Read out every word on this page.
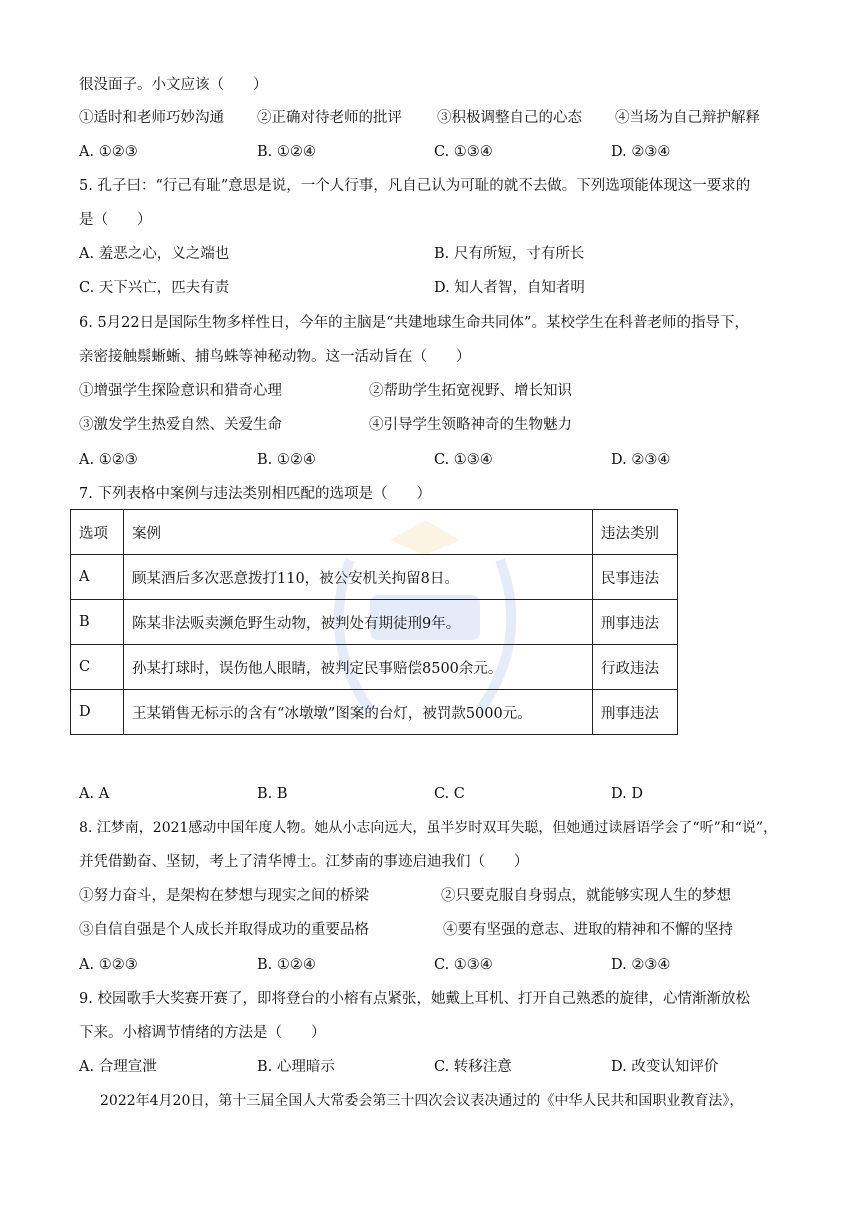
很没面子。小文应该（　　）
①适时和老师巧妙沟通 ②正确对待老师的批评 ③积极调整自己的心态 ④当场为自己辩护解释
A. ①②③	B. ①②④	C. ①③④	D. ②③④
5. 孔子曰：“行己有耻”意思是说，一个人行事，凡自己认为可耻的就不去做。下列选项能体现这一要求的
是（　　）
A. 羞恶之心，义之端也	B. 尺有所短，寸有所长
C. 天下兴亡，匹夫有责	D. 知人者智，自知者明
6. 5月22日是国际生物多样性日，今年的主脑是“共建地球生命共同体”。某校学生在科普老师的指导下，
亲密接触鬃蜥蜥、捕鸟蛛等神秘动物。这一活动旨在（　　）
①增强学生探险意识和猎奇心理	②帮助学生拓宽视野、增长知识
③激发学生热爱自然、关爱生命	④引导学生领略神奇的生物魅力
A. ①②③	B. ①②④	C. ①③④	D. ②③④
7. 下列表格中案例与违法类别相匹配的选项是（　　）
选项	案例	违法类别
A	顾某酒后多次恶意拨打110，被公安机关拘留8日。	民事违法
B	陈某非法贩卖濒危野生动物，被判处有期徒刑9年。	刑事违法
C	孙某打球时，误伤他人眼睛，被判定民事赔偿8500余元。	行政违法
D	王某销售无标示的含有“冰墩墩”图案的台灯，被罚款5000元。	刑事违法
A. A	B. B	C. C	D. D
8. 江梦南，2021感动中国年度人物。她从小志向远大，虽半岁时双耳失聪，但她通过读唇语学会了“听”和“说”，
并凭借勤奋、坚韧，考上了清华博士。江梦南的事迹启迪我们（　　）
①努力奋斗，是架构在梦想与现实之间的桥梁	②只要克服自身弱点，就能够实现人生的梦想
③自信自强是个人成长并取得成功的重要品格	④要有坚强的意志、进取的精神和不懈的坚持
A. ①②③	B. ①②④	C. ①③④	D. ②③④
9. 校园歌手大奖赛开赛了，即将登台的小榕有点紧张，她戴上耳机、打开自己熟悉的旋律，心情渐渐放松
下来。小榕调节情绪的方法是（　　）
A. 合理宣泄	B. 心理暗示	C. 转移注意	D. 改变认知评价
2022年4月20日，第十三届全国人大常委会第三十四次会议表决通过的《中华人民共和国职业教育法》，
